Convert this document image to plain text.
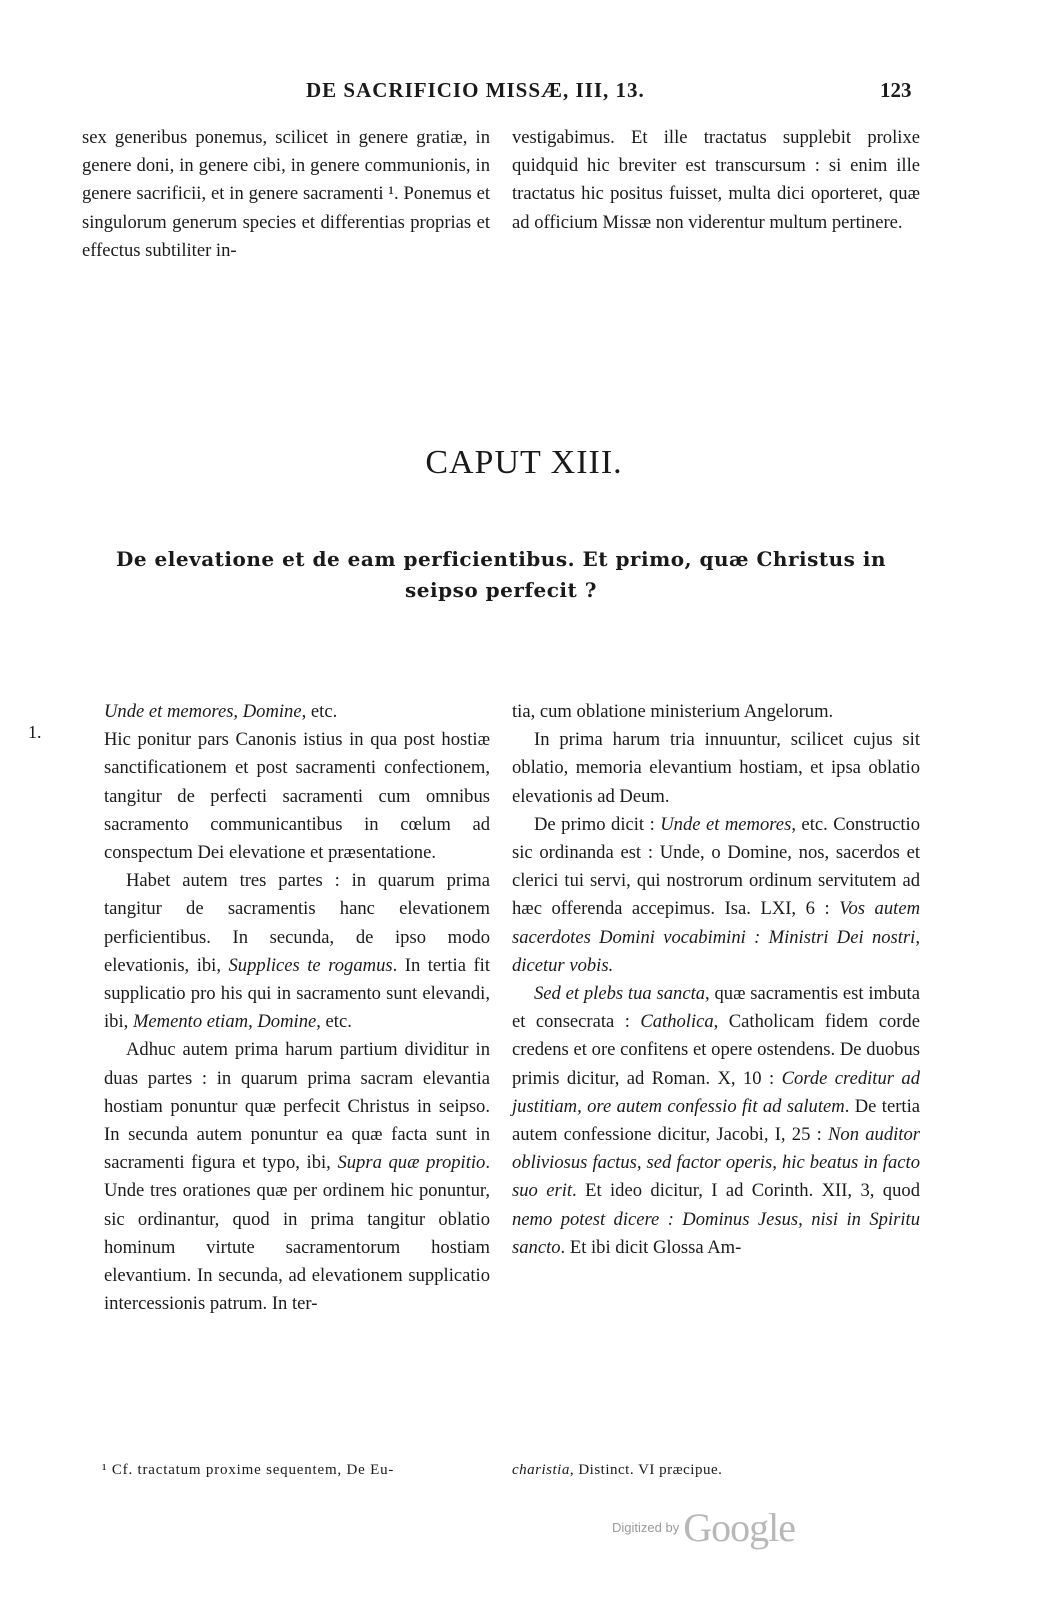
DE SACRIFICIO MISSÆ, III, 13.	123

sex generibus ponemus, scilicet in genere gratiæ, in genere doni, in genere cibi, in genere communionis, in genere sacrificii, et in genere sacramenti ¹. Ponemus et singulorum generum species et differentias proprias et effectus subtiliter in-

vestigabimus. Et ille tractatus supplebit prolixe quidquid hic breviter est transcursum : si enim ille tractatus hic positus fuisset, multa dici oporteret, quæ ad officium Missæ non viderentur multum pertinere.

CAPUT XIII.
De elevatione et de eam perficientibus. Et primo, quæ Christus in
seipso perfecit ?
1.

Unde et memores, Domine, etc.

Hic ponitur pars Canonis istius in qua post hostiæ sanctificationem et post sacramenti confectionem, tangitur de perfecti sacramenti cum omnibus sacramento communicantibus in cœlum ad conspectum Dei elevatione et præsentatione.

Habet autem tres partes : in quarum prima tangitur de sacramentis hanc elevationem perficientibus. In secunda, de ipso modo elevationis, ibi, Supplices te rogamus. In tertia fit supplicatio pro his qui in sacramento sunt elevandi, ibi, Memento etiam, Domine, etc.

Adhuc autem prima harum partium dividitur in duas partes : in quarum prima sacram elevantia hostiam ponuntur quæ perfecit Christus in seipso. In secunda autem ponuntur ea quæ facta sunt in sacramenti figura et typo, ibi, Supra quæ propitio. Unde tres orationes quæ per ordinem hic ponuntur, sic ordinantur, quod in prima tangitur oblatio hominum virtute sacramentorum hostiam elevantium. In secunda, ad elevationem supplicatio intercessionis patrum. In ter-

tia, cum oblatione ministerium Angelorum.

In prima harum tria innuuntur, scilicet cujus sit oblatio, memoria elevantium hostiam, et ipsa oblatio elevationis ad Deum.

De primo dicit : Unde et memores, etc. Constructio sic ordinanda est : Unde, o Domine, nos, sacerdos et clerici tui servi, qui nostrorum ordinum servitutem ad hæc offerenda accepimus. Isa. LXI, 6 : Vos autem sacerdotes Domini vocabimini : Ministri Dei nostri, dicetur vobis.

Sed et plebs tua sancta, quæ sacramentis est imbuta et consecrata : Catholica, Catholicam fidem corde credens et ore confitens et opere ostendens. De duobus primis dicitur, ad Roman. X, 10 : Corde creditur ad justitiam, ore autem confessio fit ad salutem. De tertia autem confessione dicitur, Jacobi, I, 25 : Non auditor obliviosus factus, sed factor operis, hic beatus in facto suo erit. Et ideo dicitur, I ad Corinth. XII, 3, quod nemo potest dicere : Dominus Jesus, nisi in Spiritu sancto. Et ibi dicit Glossa Am-

¹ Cf. tractatum proxime sequentem, De Eu-	charistia, Distinct. VI præcipue.
Digitized by Google
